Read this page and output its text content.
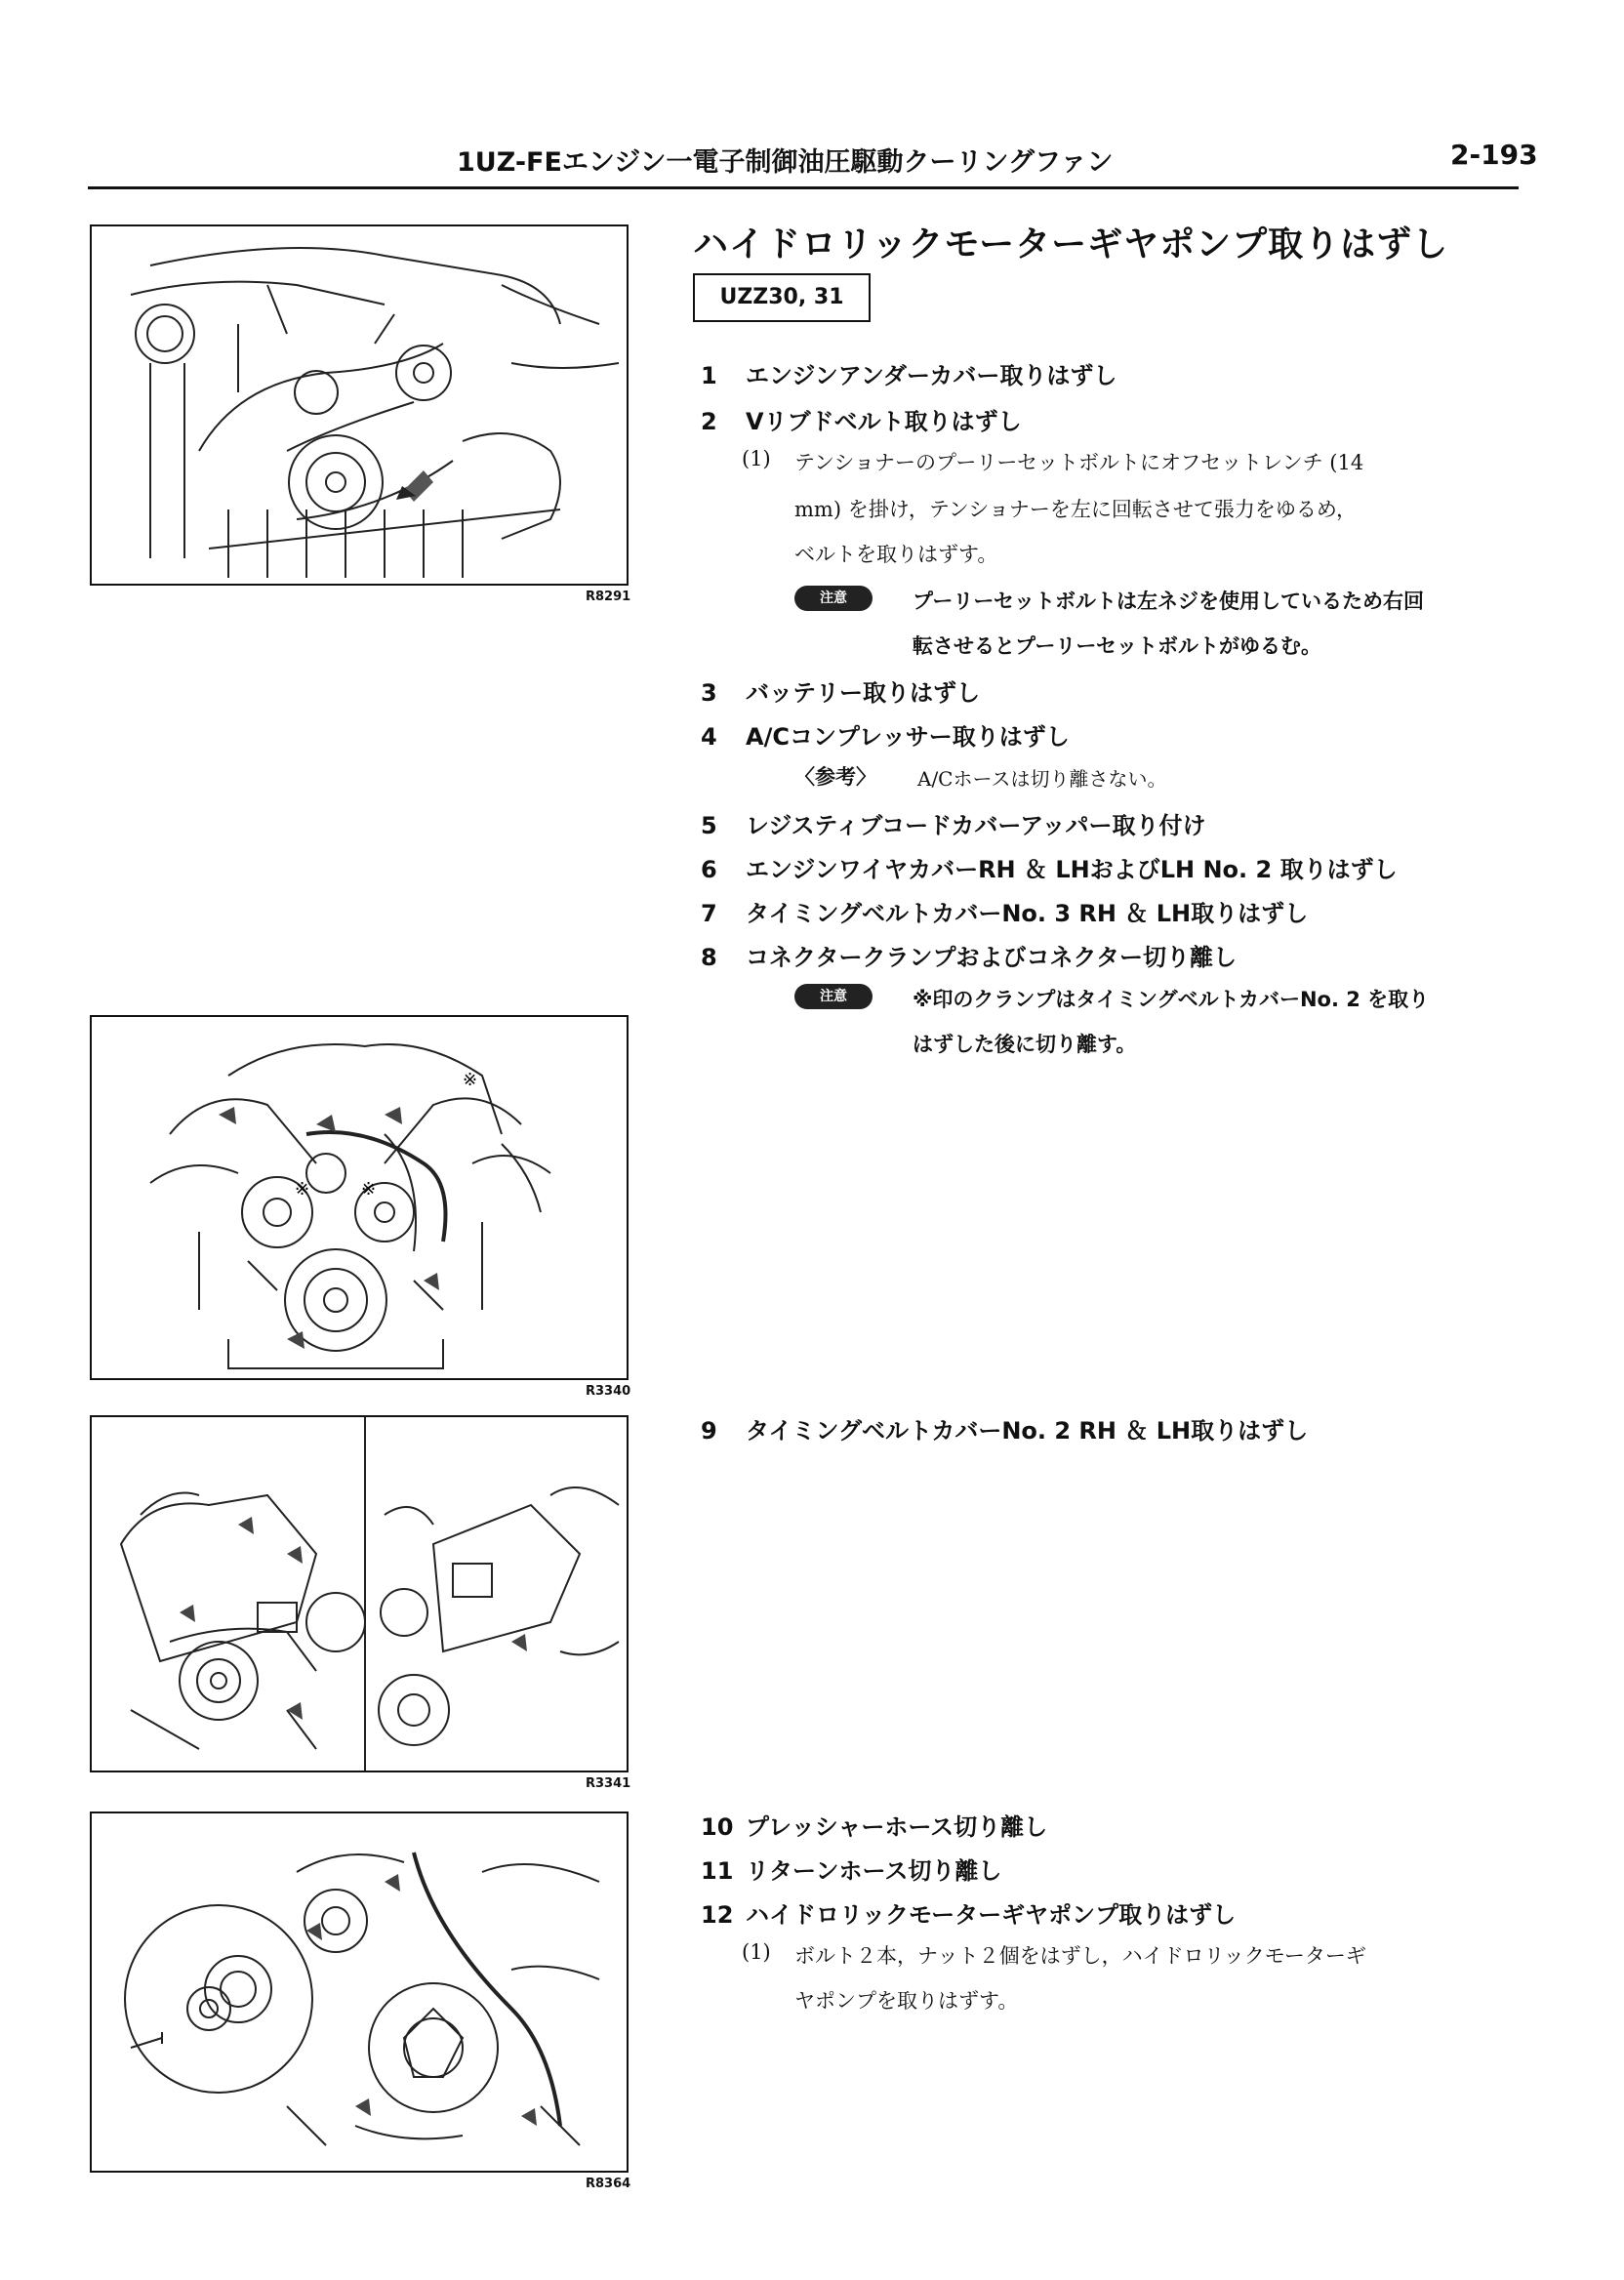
1UZ-FEエンジン一電子制御油圧駆動クーリングファン	2-193
R8291
※	※
※
R3340
R3341
R8364
ハイドロリックモーターギヤポンプ取りはずし
UZZ30, 31
1 エンジンアンダーカバー取りはずし
2 Vリブドベルト取りはずし
(1) テンショナーのプーリーセットボルトにオフセットレンチ (14
mm) を掛け，テンショナーを左に回転させて張力をゆるめ，
ベルトを取りはずす。
注意	プーリーセットボルトは左ネジを使用しているため右回
転させるとプーリーセットボルトがゆるむ。
3 バッテリー取りはずし
4 A/Cコンプレッサー取りはずし
〈参考〉 A/Cホースは切り離さない。
5 レジスティブコードカバーアッパー取り付け
6 エンジンワイヤカバーRH ＆ LHおよびLH No. 2 取りはずし
7 タイミングベルトカバーNo. 3 RH ＆ LH取りはずし
8 コネクタークランプおよびコネクター切り離し
注意	※印のクランプはタイミングベルトカバーNo. 2 を取り
はずした後に切り離す。
9 タイミングベルトカバーNo. 2 RH ＆ LH取りはずし
10 プレッシャーホース切り離し
11 リターンホース切り離し
12 ハイドロリックモーターギヤポンプ取りはずし
(1) ボルト２本，ナット２個をはずし，ハイドロリックモーターギ
ヤポンプを取りはずす。
